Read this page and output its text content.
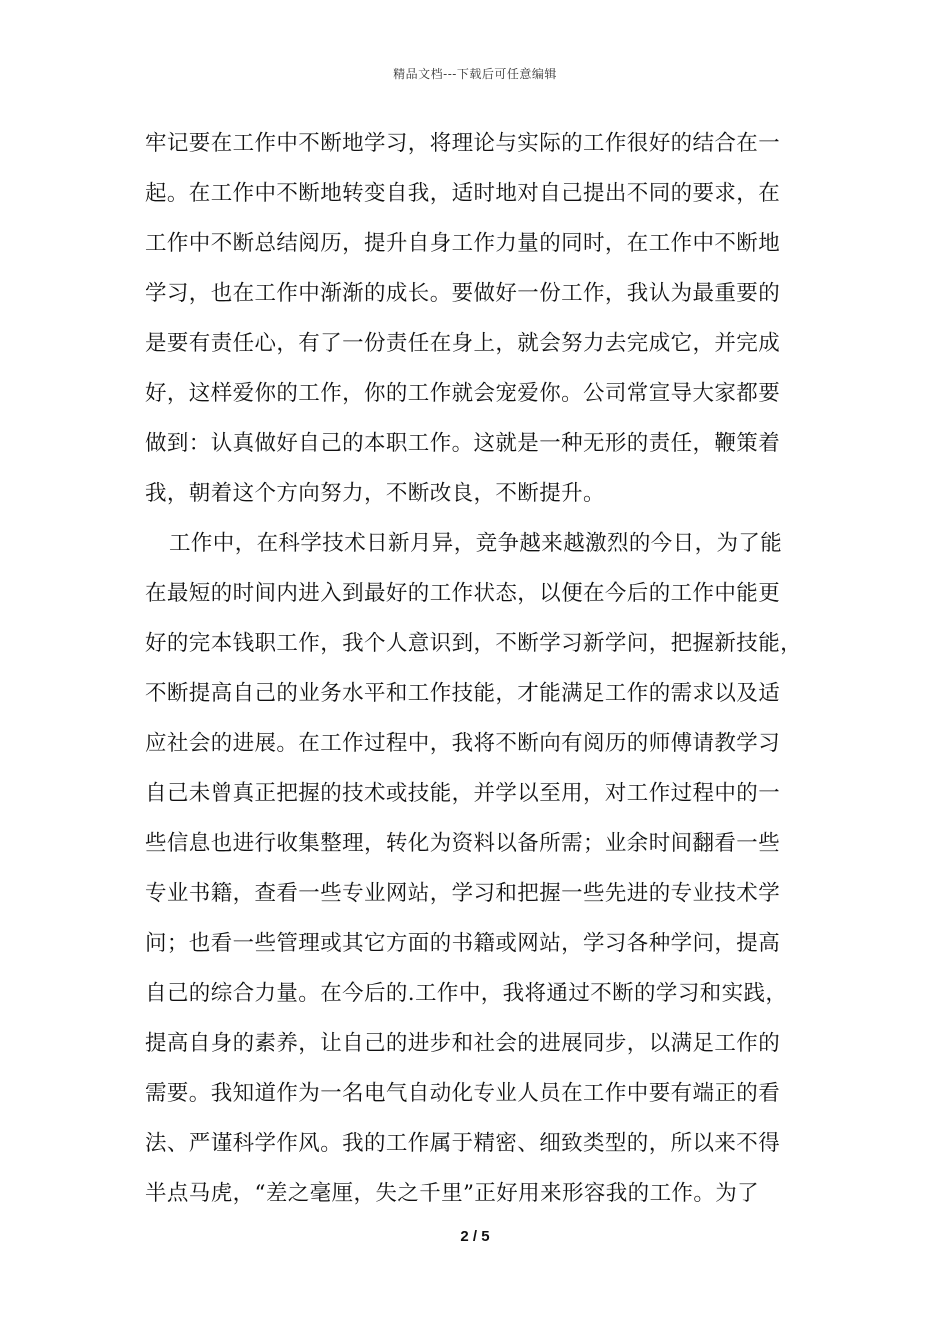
精品文档---下载后可任意编辑
牢记要在工作中不断地学习，将理论与实际的工作很好的结合在一
起。在工作中不断地转变自我，适时地对自己提出不同的要求，在
工作中不断总结阅历，提升自身工作力量的同时，在工作中不断地
学习，也在工作中渐渐的成长。要做好一份工作，我认为最重要的
是要有责任心，有了一份责任在身上，就会努力去完成它，并完成
好，这样爱你的工作，你的工作就会宠爱你。公司常宣导大家都要
做到：认真做好自己的本职工作。这就是一种无形的责任，鞭策着
我，朝着这个方向努力，不断改良，不断提升。
工作中，在科学技术日新月异，竞争越来越激烈的今日，为了能
在最短的时间内进入到最好的工作状态，以便在今后的工作中能更
好的完本钱职工作，我个人意识到，不断学习新学问，把握新技能，
不断提高自己的业务水平和工作技能，才能满足工作的需求以及适
应社会的进展。在工作过程中，我将不断向有阅历的师傅请教学习
自己未曾真正把握的技术或技能，并学以至用，对工作过程中的一
些信息也进行收集整理，转化为资料以备所需；业余时间翻看一些
专业书籍，查看一些专业网站，学习和把握一些先进的专业技术学
问；也看一些管理或其它方面的书籍或网站，学习各种学问，提高
自己的综合力量。在今后的.工作中，我将通过不断的学习和实践，
提高自身的素养，让自己的进步和社会的进展同步，以满足工作的
需要。我知道作为一名电气自动化专业人员在工作中要有端正的看
法、严谨科学作风。我的工作属于精密、细致类型的，所以来不得
半点马虎，“差之毫厘，失之千里”正好用来形容我的工作。为了
2 / 5
